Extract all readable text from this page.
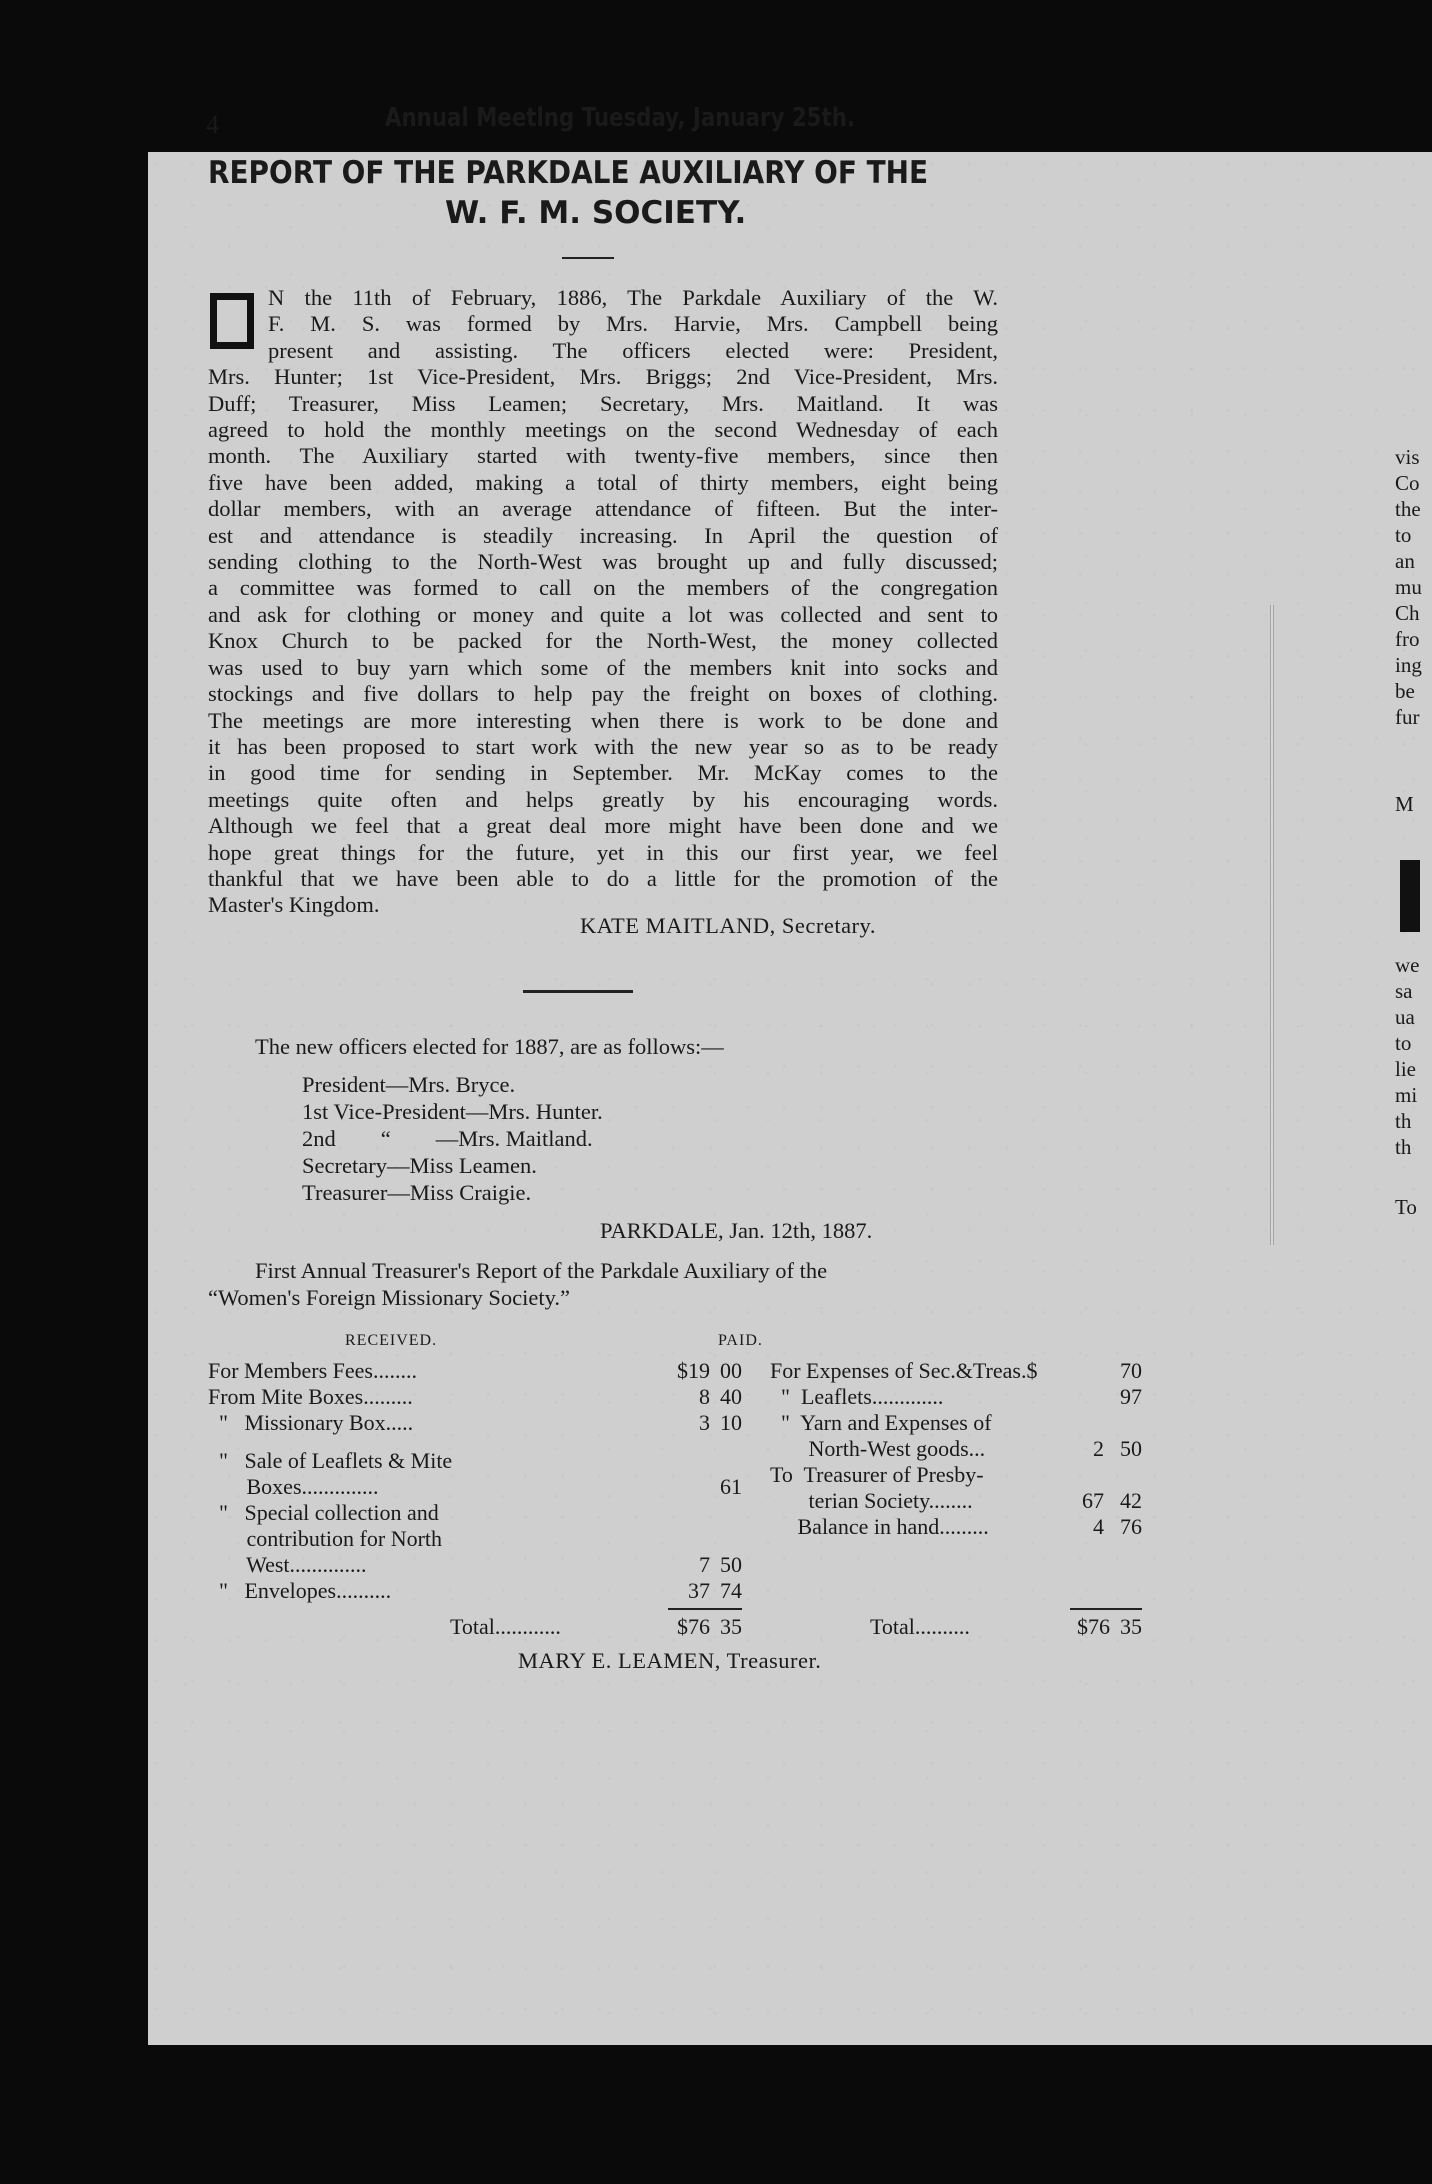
4	Annual Meetlng Tuesday, January 25th.
REPORT OF THE PARKDALE AUXILIARY OF THE
W. F. M. SOCIETY.
N the 11th of February, 1886, The Parkdale Auxiliary of the W.
F. M. S. was formed by Mrs. Harvie, Mrs. Campbell being
present and assisting. The officers elected were: President,
Mrs. Hunter; 1st Vice-President, Mrs. Briggs; 2nd Vice-President, Mrs.
Duff; Treasurer, Miss Leamen; Secretary, Mrs. Maitland. It was
agreed to hold the monthly meetings on the second Wednesday of each
month. The Auxiliary started with twenty-five members, since then
five have been added, making a total of thirty members, eight being
dollar members, with an average attendance of fifteen. But the inter-
est and attendance is steadily increasing. In April the question of
sending clothing to the North-West was brought up and fully discussed;
a committee was formed to call on the members of the congregation
and ask for clothing or money and quite a lot was collected and sent to
Knox Church to be packed for the North-West, the money collected
was used to buy yarn which some of the members knit into socks and
stockings and five dollars to help pay the freight on boxes of clothing.
The meetings are more interesting when there is work to be done and
it has been proposed to start work with the new year so as to be ready
in good time for sending in September. Mr. McKay comes to the
meetings quite often and helps greatly by his encouraging words.
Although we feel that a great deal more might have been done and we
hope great things for the future, yet in this our first year, we feel
thankful that we have been able to do a little for the promotion of the
Master's Kingdom.
KATE MAITLAND, Secretary.
The new officers elected for 1887, are as follows:—
President—Mrs. Bryce.
1st Vice-President—Mrs. Hunter.
2nd        “        —Mrs. Maitland.
Secretary—Miss Leamen.
Treasurer—Miss Craigie.
PARKDALE, Jan. 12th, 1887.
First Annual Treasurer's Report of the Parkdale Auxiliary of the
“Women's Foreign Missionary Society.”
RECEIVED.	PAID.
For Members Fees........	$19 00
From Mite Boxes.........	8 40
"   Missionary Box.....	3 10
"   Sale of Leaflets & Mite
Boxes..............	61
"   Special collection and
contribution for North
West..............	7 50
"   Envelopes..........	37 74
For Expenses of Sec.&Treas.$	70
"  Leaflets.............	97
"  Yarn and Expenses of
North-West goods...	2 50
To  Treasurer of Presby-
terian Society........	67 42
Balance in hand.........	4 76
Total............	$76 35	Total..........	$76 35
MARY E. LEAMEN, Treasurer.
vis
Co
the
to
an
mu
Ch
fro
ing
be
fur
M
we
sa
ua
to
lie
mi
th
th
To
